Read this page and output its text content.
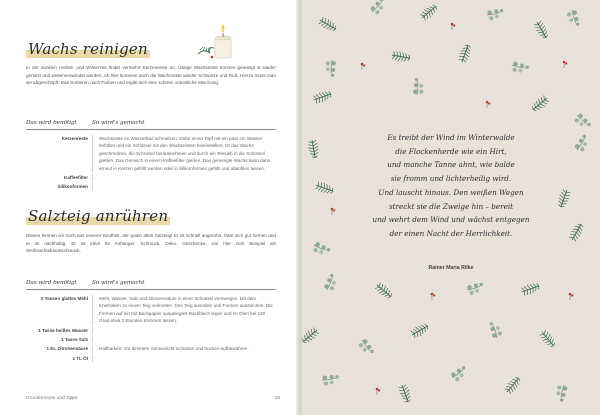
Wachs reinigen
In der dunklen Herbst- und Winterzeit findet vermehrt Kerzenreste an. Übrige Wachsreste können gereinigt & wieder genutzt und weiterverwendet werden. Ab hier kommen auch die Wachsreste wieder Schwarze und Ruß. Hierzu muss man sie abgeschöpft. Das Sortieren nach Farben und ergibt sich eine schöne ordentliche Mischung.
Das wird benötigt	So wird's gemacht
Kerzenreste	Wachsreste im Wasserbad schmelzen. Dafür einen Topf mit ein paar cm Wasser befüllen und ein Schüssel mit den Wachsresten hineinstellen. Ist das Wachs geschmolzen, die Schüssel herausnehmen und durch ein Teesieb in die Schüssel gießen. Das Gemisch in einem Kaffeefilter gießen. Das gereinigte Wachs kann dann erneut in Kerzen gefüllt werden oder in Silikonformen gefüllt und abkühlen lassen.
Kaffeefilter
Silikonformen
Salzteig anrühren
Diesen kennen wir noch aus unserer Kindheit, der guten alten Salzteig! Er ist schnell angerührt, lässt sich gut formen und er ist nachhaltig. Er ist ideal für Anhänger, Schmuck, Deko, Geschenke, wie hier zum Beispiel als Weihnachtsbaumschmuck.
Das wird benötigt	So wird's gemacht
2 Tassen glattes Mehl	Mehl, Wasser, Salz und Zitronensäure in einer Schüssel vermengen. Mit dem Knethaken zu einem Teig verkneten. Den Teig ausrollen und Formen ausstechen. Die Formen auf ein mit Backpapier ausgelegtes Backblech legen und im Ofen bei 120 Grad etwa 2 Stunden trocknen lassen.
1 Tasse heißes Wasser
1 Tasse Salz
1 EL Zitronensäure	Haltbarkeit: Vor direktem Sonnenlicht schützen und trocken aufbewahren.
1 TL Öl
Grundrezepte und Tipps	18
Es treibt der Wind im Winterwalde
die Flockenherde wie ein Hirt,
und manche Tanne ahnt, wie balde
sie fromm und lichterheilig wird.
Und lauscht hinaus. Den weißen Wegen
streckt sie die Zweige hin – bereit
und wehrt dem Wind und wächst entgegen
der einen Nacht der Herrlichkeit.
Rainer Maria Rilke
